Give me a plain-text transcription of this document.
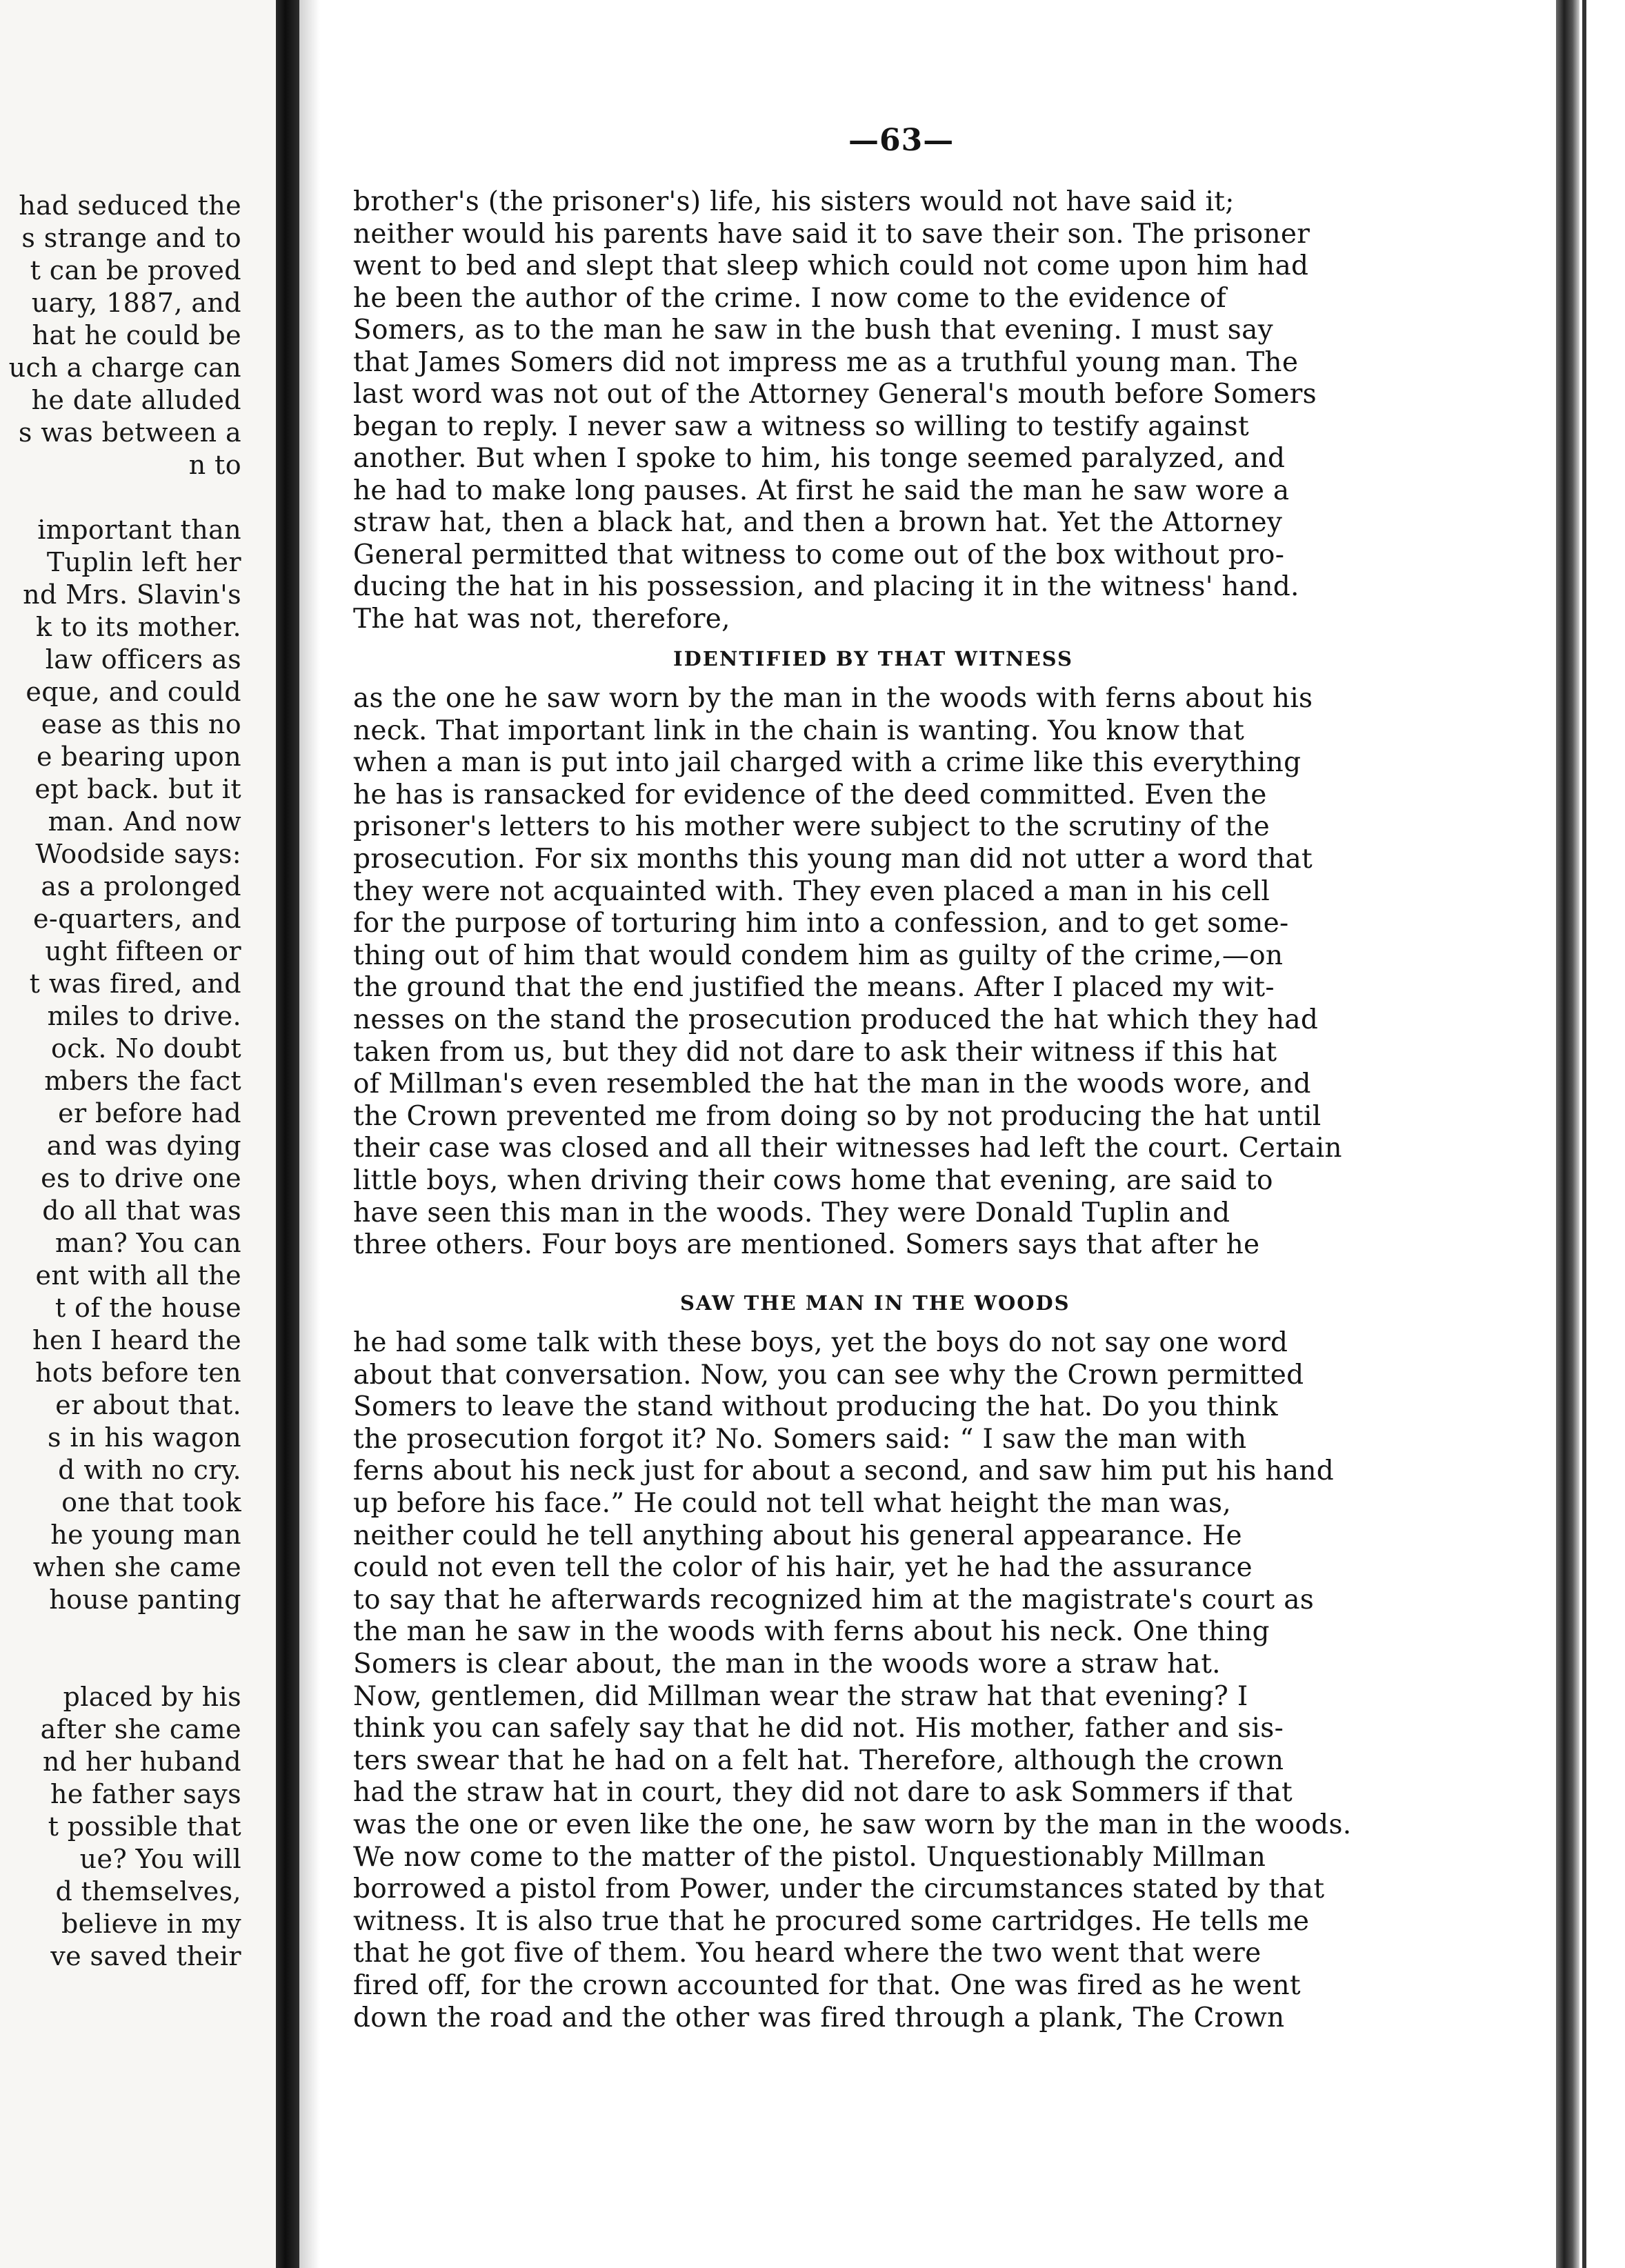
had seduced the
s strange and to
t can be proved
uary, 1887, and
hat he could be
uch a charge can
he date alluded
s was between a
n to
important than
Tuplin left her
nd Mrs. Slavin's
k to its mother.
law officers as
eque, and could
ease as this no
e bearing upon
ept back. but it
man. And now
Woodside says:
as a prolonged
e-quarters, and
ught fifteen or
t was fired, and
miles to drive.
ock. No doubt
mbers the fact
er before had
and was dying
es to drive one
do all that was
man? You can
ent with all the
t of the house
hen I heard the
hots before ten
er about that.
s in his wagon
d with no cry.
one that took
he young man
when she came
house panting
placed by his
after she came
nd her huband
he father says
t possible that
ue? You will
d themselves,
believe in my
ve saved their
—63—
brother's (the prisoner's) life, his sisters would not have said it;
neither would his parents have said it to save their son. The prisoner
went to bed and slept that sleep which could not come upon him had
he been the author of the crime. I now come to the evidence of
Somers, as to the man he saw in the bush that evening. I must say
that James Somers did not impress me as a truthful young man. The
last word was not out of the Attorney General's mouth before Somers
began to reply. I never saw a witness so willing to testify against
another. But when I spoke to him, his tonge seemed paralyzed, and
he had to make long pauses. At first he said the man he saw wore a
straw hat, then a black hat, and then a brown hat. Yet the Attorney
General permitted that witness to come out of the box without pro-
ducing the hat in his possession, and placing it in the witness' hand.
The hat was not, therefore,
IDENTIFIED BY THAT WITNESS
as the one he saw worn by the man in the woods with ferns about his
neck. That important link in the chain is wanting. You know that
when a man is put into jail charged with a crime like this everything
he has is ransacked for evidence of the deed committed. Even the
prisoner's letters to his mother were subject to the scrutiny of the
prosecution. For six months this young man did not utter a word that
they were not acquainted with. They even placed a man in his cell
for the purpose of torturing him into a confession, and to get some-
thing out of him that would condem him as guilty of the crime,—on
the ground that the end justified the means. After I placed my wit-
nesses on the stand the prosecution produced the hat which they had
taken from us, but they did not dare to ask their witness if this hat
of Millman's even resembled the hat the man in the woods wore, and
the Crown prevented me from doing so by not producing the hat until
their case was closed and all their witnesses had left the court. Certain
little boys, when driving their cows home that evening, are said to
have seen this man in the woods. They were Donald Tuplin and
three others. Four boys are mentioned. Somers says that after he
SAW THE MAN IN THE WOODS
he had some talk with these boys, yet the boys do not say one word
about that conversation. Now, you can see why the Crown permitted
Somers to leave the stand without producing the hat. Do you think
the prosecution forgot it? No. Somers said: “ I saw the man with
ferns about his neck just for about a second, and saw him put his hand
up before his face.” He could not tell what height the man was,
neither could he tell anything about his general appearance. He
could not even tell the color of his hair, yet he had the assurance
to say that he afterwards recognized him at the magistrate's court as
the man he saw in the woods with ferns about his neck. One thing
Somers is clear about, the man in the woods wore a straw hat.
Now, gentlemen, did Millman wear the straw hat that evening? I
think you can safely say that he did not. His mother, father and sis-
ters swear that he had on a felt hat. Therefore, although the crown
had the straw hat in court, they did not dare to ask Sommers if that
was the one or even like the one, he saw worn by the man in the woods.
We now come to the matter of the pistol. Unquestionably Millman
borrowed a pistol from Power, under the circumstances stated by that
witness. It is also true that he procured some cartridges. He tells me
that he got five of them. You heard where the two went that were
fired off, for the crown accounted for that. One was fired as he went
down the road and the other was fired through a plank, The Crown
